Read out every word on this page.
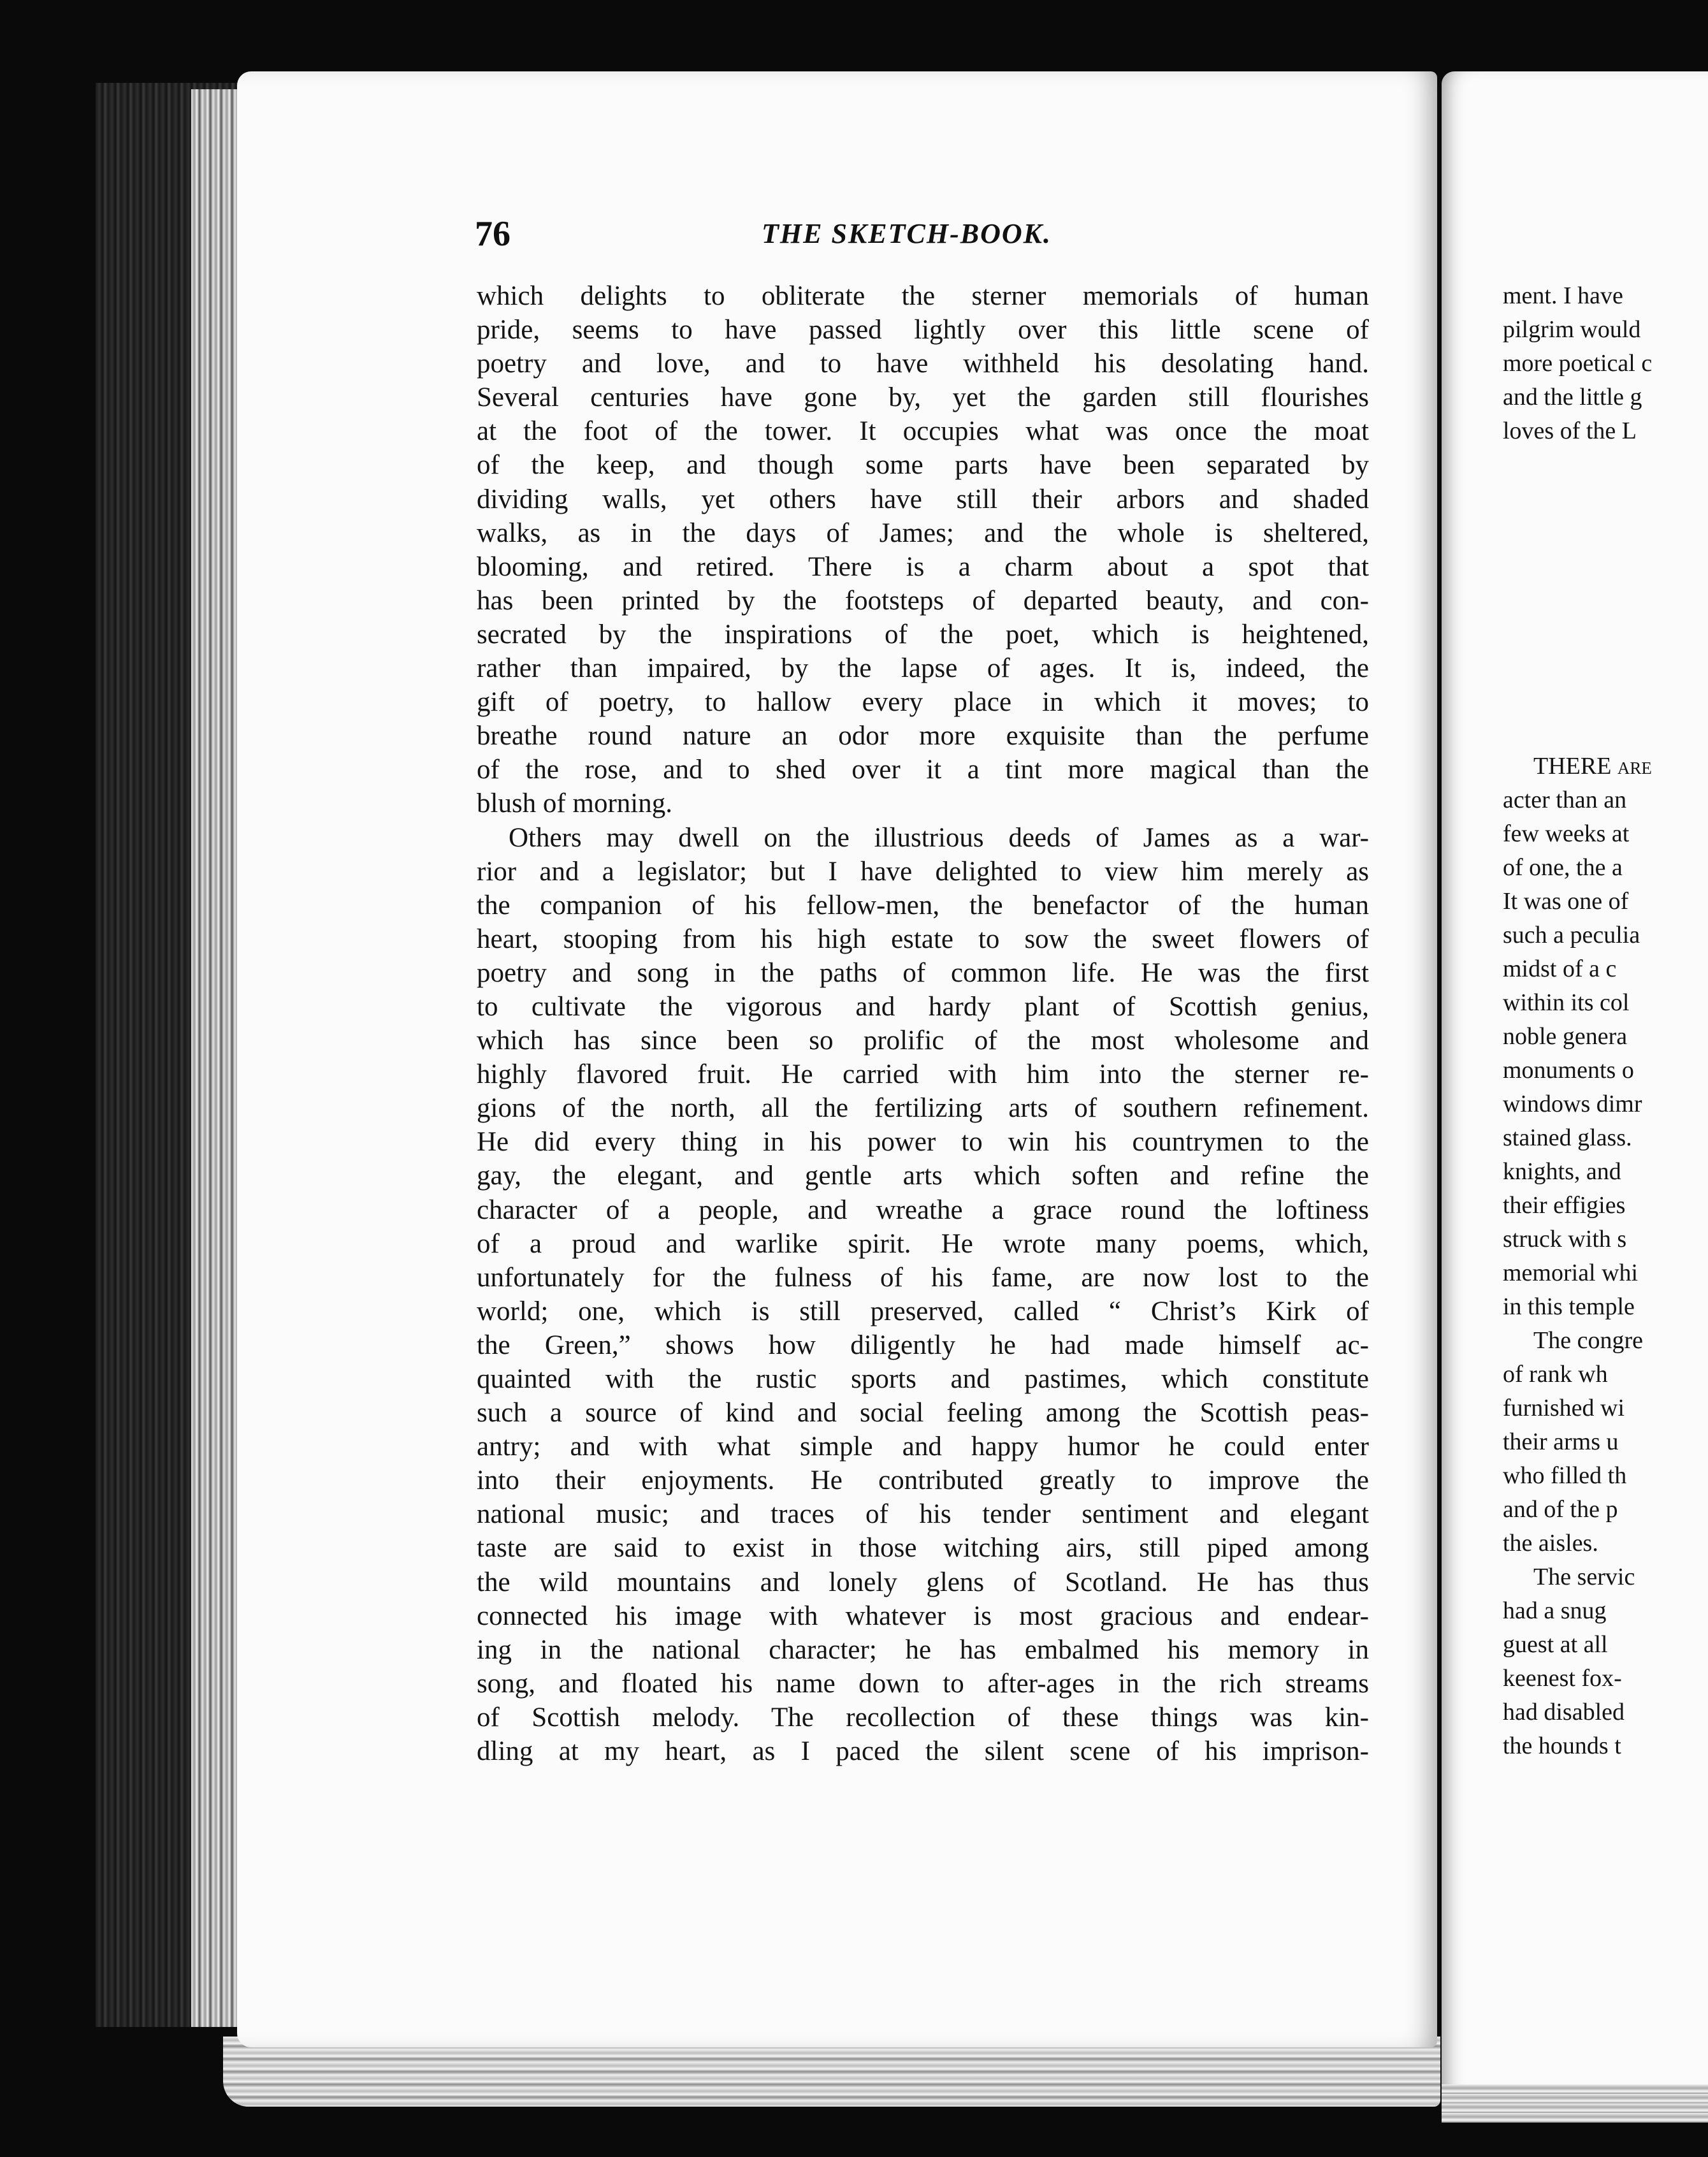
76	THE SKETCH-BOOK.
which delights to obliterate the sterner memorials of human
pride, seems to have passed lightly over this little scene of
poetry and love, and to have withheld his desolating hand.
Several centuries have gone by, yet the garden still flourishes
at the foot of the tower. It occupies what was once the moat
of the keep, and though some parts have been separated by
dividing walls, yet others have still their arbors and shaded
walks, as in the days of James; and the whole is sheltered,
blooming, and retired. There is a charm about a spot that
has been printed by the footsteps of departed beauty, and con-
secrated by the inspirations of the poet, which is heightened,
rather than impaired, by the lapse of ages. It is, indeed, the
gift of poetry, to hallow every place in which it moves; to
breathe round nature an odor more exquisite than the perfume
of the rose, and to shed over it a tint more magical than the
blush of morning.
Others may dwell on the illustrious deeds of James as a war-
rior and a legislator; but I have delighted to view him merely as
the companion of his fellow-men, the benefactor of the human
heart, stooping from his high estate to sow the sweet flowers of
poetry and song in the paths of common life. He was the first
to cultivate the vigorous and hardy plant of Scottish genius,
which has since been so prolific of the most wholesome and
highly flavored fruit. He carried with him into the sterner re-
gions of the north, all the fertilizing arts of southern refinement.
He did every thing in his power to win his countrymen to the
gay, the elegant, and gentle arts which soften and refine the
character of a people, and wreathe a grace round the loftiness
of a proud and warlike spirit. He wrote many poems, which,
unfortunately for the fulness of his fame, are now lost to the
world; one, which is still preserved, called “ Christ’s Kirk of
the Green,” shows how diligently he had made himself ac-
quainted with the rustic sports and pastimes, which constitute
such a source of kind and social feeling among the Scottish peas-
antry; and with what simple and happy humor he could enter
into their enjoyments. He contributed greatly to improve the
national music; and traces of his tender sentiment and elegant
taste are said to exist in those witching airs, still piped among
the wild mountains and lonely glens of Scotland. He has thus
connected his image with whatever is most gracious and endear-
ing in the national character; he has embalmed his memory in
song, and floated his name down to after-ages in the rich streams
of Scottish melody. The recollection of these things was kin-
dling at my heart, as I paced the silent scene of his imprison-
ment. I have
pilgrim would
more poetical c
and the little g
loves of the L
THERE are
acter than an
few weeks at
of one, the a
It was one of
such a peculia
midst of a c
within its col
noble genera
monuments o
windows dimr
stained glass.
knights, and
their effigies
struck with s
memorial whi
in this temple
The congre
of rank wh
furnished wi
their arms u
who filled th
and of the p
the aisles.
The servic
had a snug
guest at all
keenest fox-
had disabled
the hounds t
